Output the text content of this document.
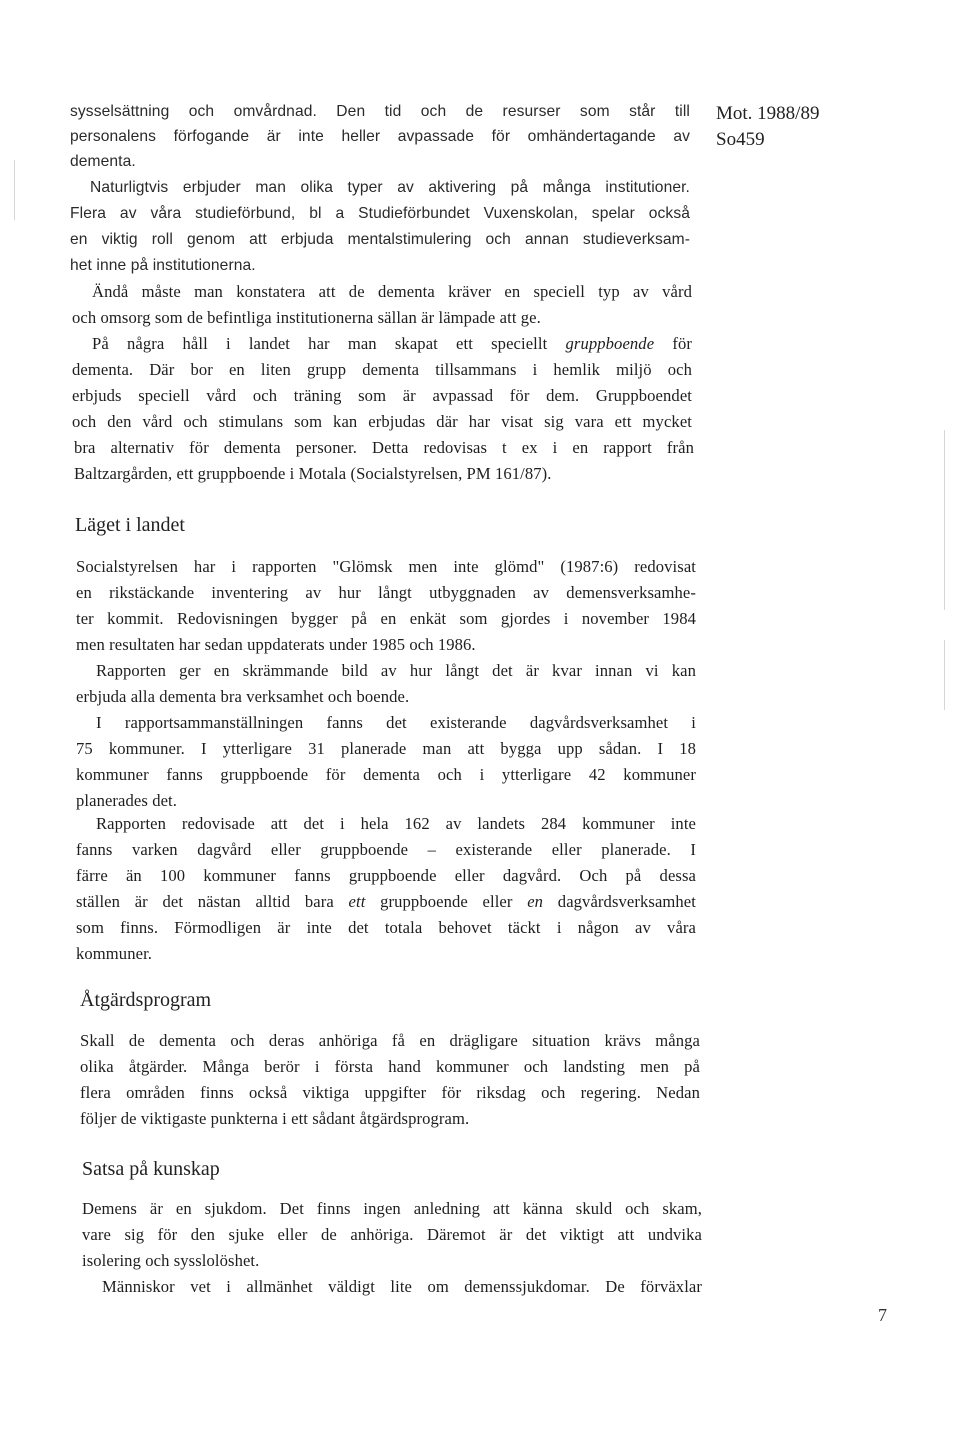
Mot. 1988/89
So459
sysselsättning och omvårdnad. Den tid och de resurser som står till
personalens förfogande är inte heller avpassade för omhändertagande av
dementa.
Naturligtvis erbjuder man olika typer av aktivering på många institutioner.
Flera av våra studieförbund, bl a Studieförbundet Vuxenskolan, spelar också
en viktig roll genom att erbjuda mentalstimulering och annan studieverksam-
het inne på institutionerna.
Ändå måste man konstatera att de dementa kräver en speciell typ av vård
och omsorg som de befintliga institutionerna sällan är lämpade att ge.
På några håll i landet har man skapat ett speciellt gruppboende för
dementa. Där bor en liten grupp dementa tillsammans i hemlik miljö och
erbjuds speciell vård och träning som är avpassad för dem. Gruppboendet
och den vård och stimulans som kan erbjudas där har visat sig vara ett mycket
bra alternativ för dementa personer. Detta redovisas t ex i en rapport från
Baltzargården, ett gruppboende i Motala (Socialstyrelsen, PM 161/87).
Läget i landet
Socialstyrelsen har i rapporten "Glömsk men inte glömd" (1987:6) redovisat
en rikstäckande inventering av hur långt utbyggnaden av demensverksamhe-
ter kommit. Redovisningen bygger på en enkät som gjordes i november 1984
men resultaten har sedan uppdaterats under 1985 och 1986.
Rapporten ger en skrämmande bild av hur långt det är kvar innan vi kan
erbjuda alla dementa bra verksamhet och boende.
I rapportsammanställningen fanns det existerande dagvårdsverksamhet i
75 kommuner. I ytterligare 31 planerade man att bygga upp sådan. I 18
kommuner fanns gruppboende för dementa och i ytterligare 42 kommuner
planerades det.
Rapporten redovisade att det i hela 162 av landets 284 kommuner inte
fanns varken dagvård eller gruppboende – existerande eller planerade. I
färre än 100 kommuner fanns gruppboende eller dagvård. Och på dessa
ställen är det nästan alltid bara ett gruppboende eller en dagvårdsverksamhet
som finns. Förmodligen är inte det totala behovet täckt i någon av våra
kommuner.
Åtgärdsprogram
Skall de dementa och deras anhöriga få en drägligare situation krävs många
olika åtgärder. Många berör i första hand kommuner och landsting men på
flera områden finns också viktiga uppgifter för riksdag och regering. Nedan
följer de viktigaste punkterna i ett sådant åtgärdsprogram.
Satsa på kunskap
Demens är en sjukdom. Det finns ingen anledning att känna skuld och skam,
vare sig för den sjuke eller de anhöriga. Däremot är det viktigt att undvika
isolering och sysslolöshet.
Människor vet i allmänhet väldigt lite om demenssjukdomar. De förväxlar
7
